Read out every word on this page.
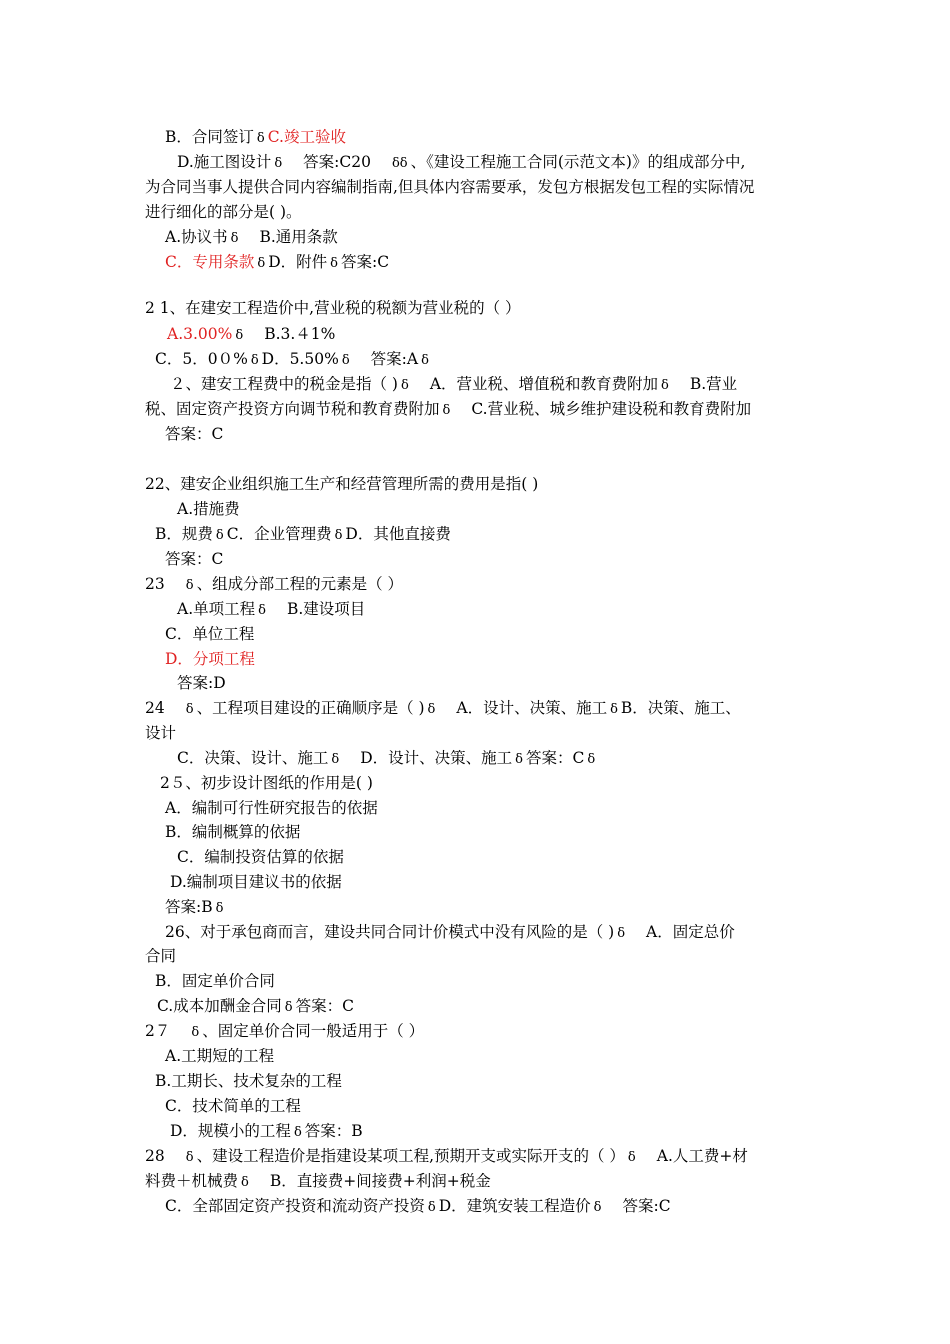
B．合同签订 ẟ C.竣工验收
D.施工图设计 ẟ 答案:C20 ẟẟ 、《建设工程施工合同(示范文本)》的组成部分中,
为合同当事人提供合同内容编制指南,但具体内容需要承，发包方根据发包工程的实际情况
进行细化的部分是( )。
A.协议书 ẟ B.通用条款
C．专用条款 ẟ D．附件 ẟ 答案:C
2 1、在建安工程造价中,营业税的税额为营业税的（ ）
A.3.00% ẟ B.3.４1%
C．5．0０% ẟ D．5.50% ẟ 答案:A ẟ
２、建安工程费中的税金是指（ ) ẟ A．营业税、增值税和教育费附加 ẟ B.营业
税、固定资产投资方向调节税和教育费附加 ẟ C.营业税、城乡维护建设税和教育费附加
答案：C
22、建安企业组织施工生产和经营管理所需的费用是指( )
A.措施费
B．规费 ẟ C．企业管理费 ẟ D．其他直接费
答案：C
23 ẟ 、组成分部工程的元素是（ ）
A.单项工程 ẟ B.建设项目
C．单位工程
D．分项工程
答案:D
24 ẟ 、工程项目建设的正确顺序是（ ) ẟ A．设计、决策、施工 ẟ B．决策、施工、
设计
C．决策、设计、施工 ẟ D．设计、决策、施工 ẟ 答案：C ẟ
2５、初步设计图纸的作用是( )
A．编制可行性研究报告的依据
B．编制概算的依据
C．编制投资估算的依据
D.编制项目建议书的依据
答案:B ẟ
26、对于承包商而言，建设共同合同计价模式中没有风险的是（ ) ẟ A．固定总价
合同
B．固定单价合同
C.成本加酬金合同 ẟ 答案：C
2７ ẟ 、固定单价合同一般适用于（ ）
A.工期短的工程
B.工期长、技术复杂的工程
C．技术简单的工程
D．规模小的工程 ẟ 答案：B
28 ẟ 、建设工程造价是指建设某项工程,预期开支或实际开支的（ ） ẟ A.人工费+材
料费＋机械费 ẟ B．直接费+间接费+利润+税金
C．全部固定资产投资和流动资产投资 ẟ D．建筑安装工程造价 ẟ 答案:C
